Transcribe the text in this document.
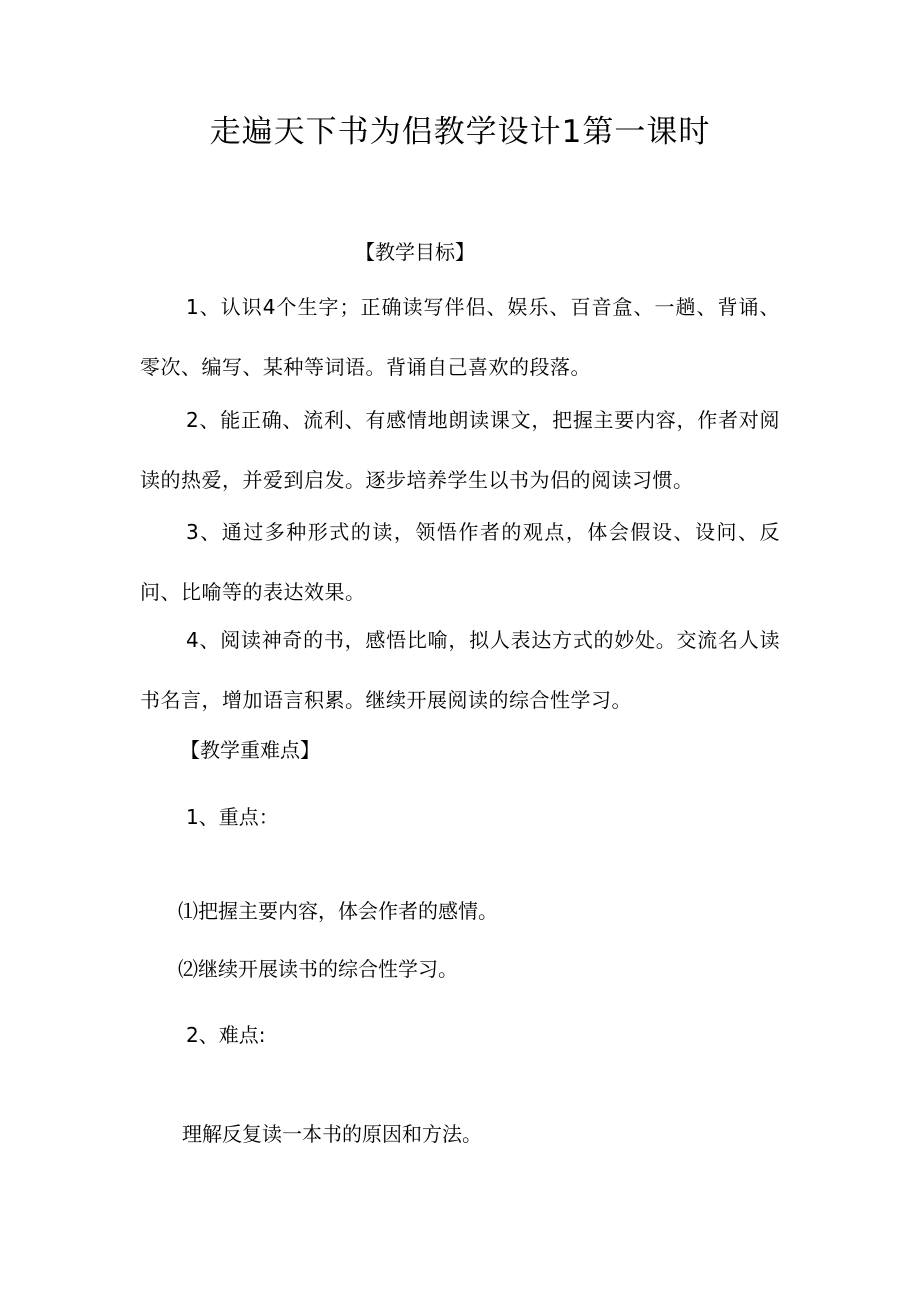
走遍天下书为侣教学设计1第一课时
【教学目标】
1、认识4个生字；正确读写伴侣、娱乐、百音盒、一趟、背诵、零次、编写、某种等词语。背诵自己喜欢的段落。
2、能正确、流利、有感情地朗读课文，把握主要内容，作者对阅读的热爱，并爱到启发。逐步培养学生以书为侣的阅读习惯。
3、通过多种形式的读，领悟作者的观点，体会假设、设问、反问、比喻等的表达效果。
4、阅读神奇的书，感悟比喻，拟人表达方式的妙处。交流名人读书名言，增加语言积累。继续开展阅读的综合性学习。
【教学重难点】
1、重点：
⑴把握主要内容，体会作者的感情。
⑵继续开展读书的综合性学习。
2、难点:
理解反复读一本书的原因和方法。
